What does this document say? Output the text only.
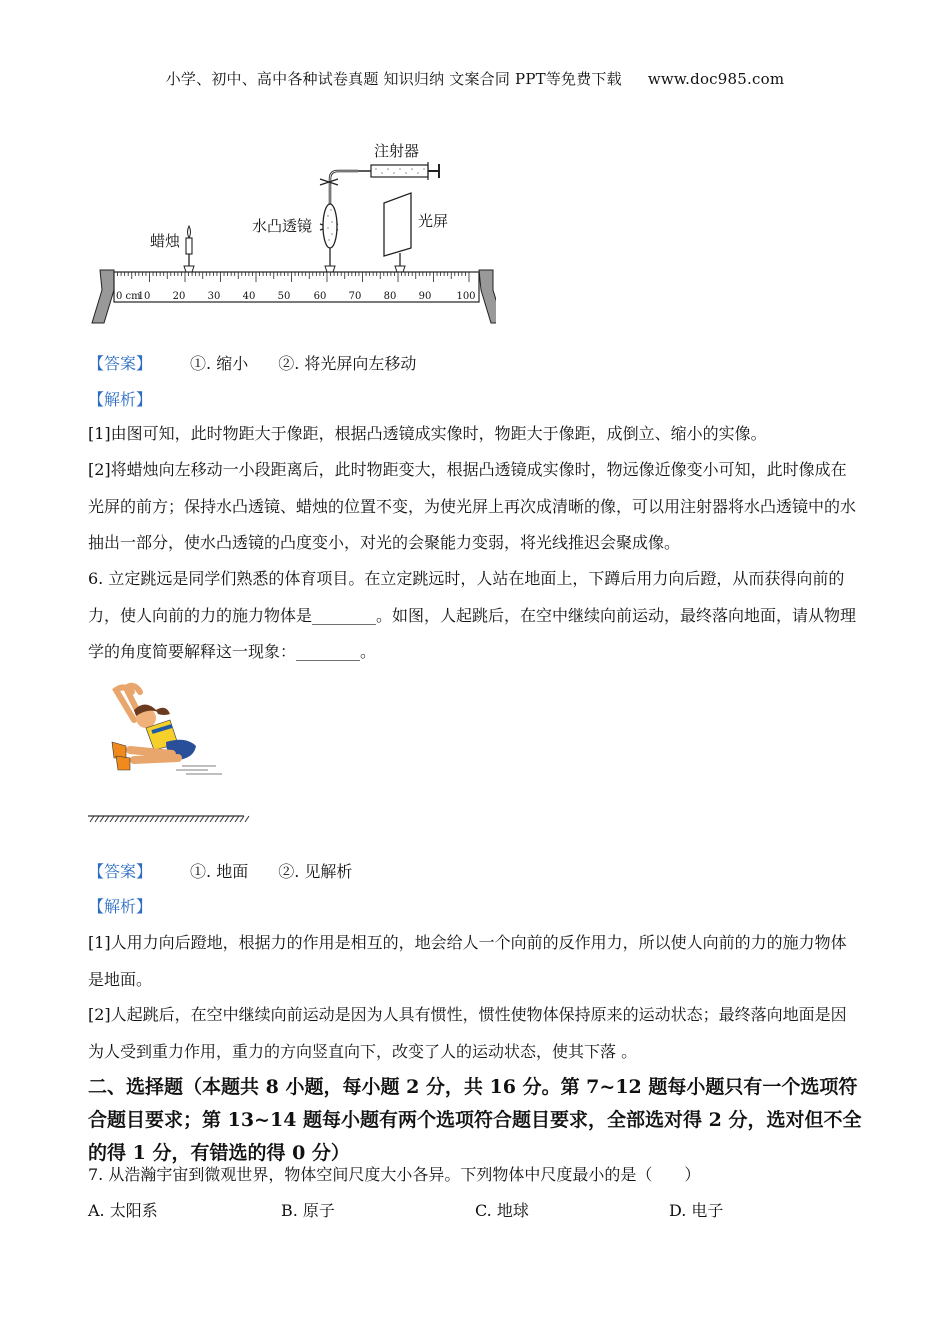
小学、初中、高中各种试卷真题 知识归纳 文案合同 PPT等免费下载 www.doc985.com
0 cm
10 20 30 40 50 60 70 80 90	100
注射器
蜡烛
水凸透镜	光屏
【答案】 ①. 缩小 ②. 将光屏向左移动
【解析】
[1]由图可知，此时物距大于像距，根据凸透镜成实像时，物距大于像距，成倒立、缩小的实像。
[2]将蜡烛向左移动一小段距离后，此时物距变大，根据凸透镜成实像时，物远像近像变小可知，此时像成在光屏的前方；保持水凸透镜、蜡烛的位置不变，为使光屏上再次成清晰的像，可以用注射器将水凸透镜中的水抽出一部分，使水凸透镜的凸度变小，对光的会聚能力变弱，将光线推迟会聚成像。
6. 立定跳远是同学们熟悉的体育项目。在立定跳远时，人站在地面上，下蹲后用力向后蹬，从而获得向前的力，使人向前的力的施力物体是________。如图，人起跳后，在空中继续向前运动，最终落向地面，请从物理学的角度简要解释这一现象：________。
【答案】 ①. 地面 ②. 见解析
【解析】
[1]人用力向后蹬地，根据力的作用是相互的，地会给人一个向前的反作用力，所以使人向前的力的施力物体是地面。
[2]人起跳后，在空中继续向前运动是因为人具有惯性，惯性使物体保持原来的运动状态；最终落向地面是因为人受到重力作用，重力的方向竖直向下，改变了人的运动状态，使其下落 。
二、选择题（本题共 8 小题，每小题 2 分，共 16 分。第 7~12 题每小题只有一个选项符合题目要求；第 13~14 题每小题有两个选项符合题目要求，全部选对得 2 分，选对但不全的得 1 分，有错选的得 0 分）
7. 从浩瀚宇宙到微观世界，物体空间尺度大小各异。下列物体中尺度最小的是（　　）
A. 太阳系	B. 原子	C. 地球	D. 电子
